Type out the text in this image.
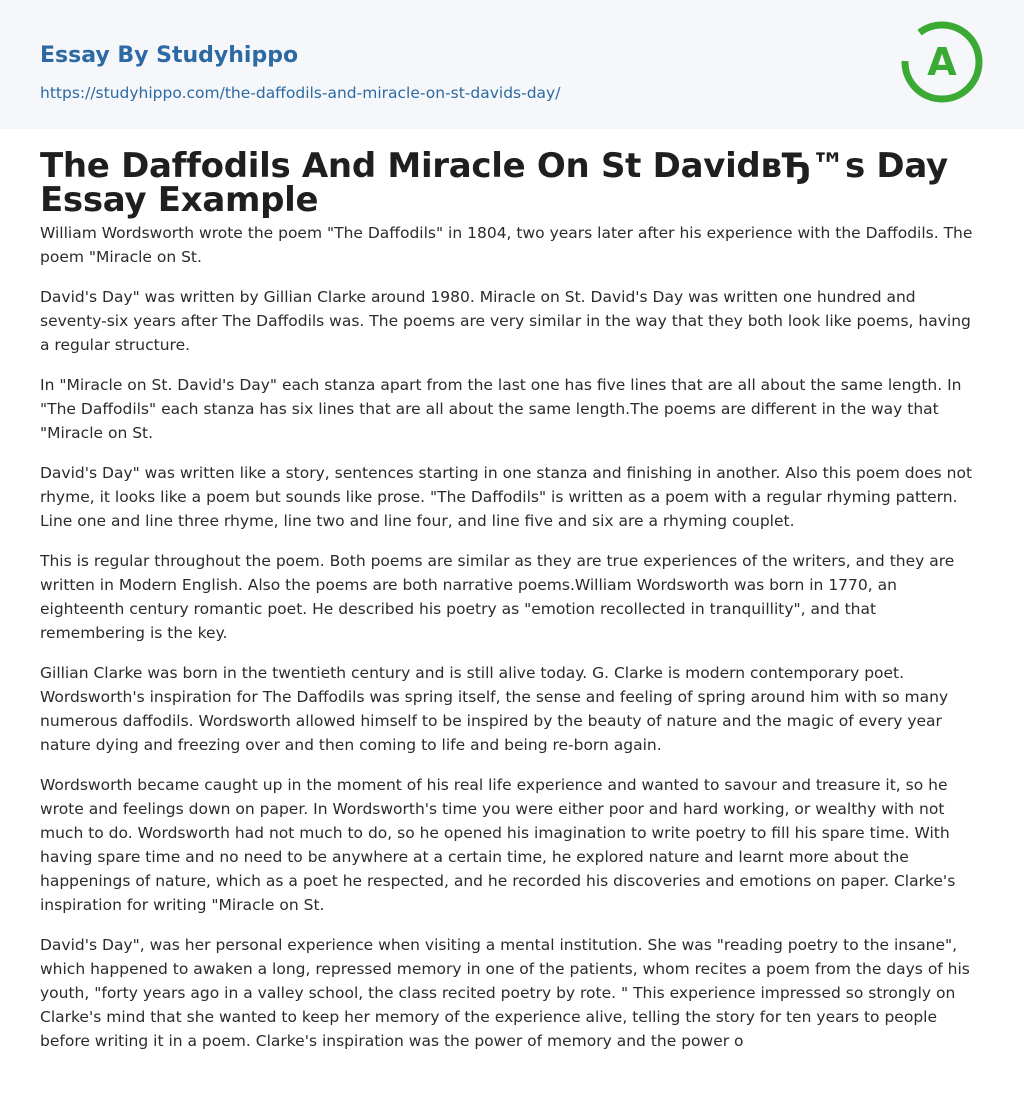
Essay By Studyhippo
https://studyhippo.com/the-daffodils-and-miracle-on-st-davids-day/
A
The Daffodils And Miracle On St DavidвЂ™s Day Essay Example

William Wordsworth wrote the poem "The Daffodils" in 1804, two years later after his experience with the Daffodils. The poem "Miracle on St.

David's Day" was written by Gillian Clarke around 1980. Miracle on St. David's Day was written one hundred and seventy-six years after The Daffodils was. The poems are very similar in the way that they both look like poems, having a regular structure.

In "Miracle on St. David's Day" each stanza apart from the last one has five lines that are all about the same length. In "The Daffodils" each stanza has six lines that are all about the same length.The poems are different in the way that "Miracle on St.

David's Day" was written like a story, sentences starting in one stanza and finishing in another. Also this poem does not rhyme, it looks like a poem but sounds like prose. "The Daffodils" is written as a poem with a regular rhyming pattern. Line one and line three rhyme, line two and line four, and line five and six are a rhyming couplet.

This is regular throughout the poem. Both poems are similar as they are true experiences of the writers, and they are written in Modern English. Also the poems are both narrative poems.William Wordsworth was born in 1770, an eighteenth century romantic poet. He described his poetry as "emotion recollected in tranquillity", and that remembering is the key.

Gillian Clarke was born in the twentieth century and is still alive today. G. Clarke is modern contemporary poet. Wordsworth's inspiration for The Daffodils was spring itself, the sense and feeling of spring around him with so many numerous daffodils. Wordsworth allowed himself to be inspired by the beauty of nature and the magic of every year nature dying and freezing over and then coming to life and being re-born again.

Wordsworth became caught up in the moment of his real life experience and wanted to savour and treasure it, so he wrote and feelings down on paper. In Wordsworth's time you were either poor and hard working, or wealthy with not much to do. Wordsworth had not much to do, so he opened his imagination to write poetry to fill his spare time. With having spare time and no need to be anywhere at a certain time, he explored nature and learnt more about the happenings of nature, which as a poet he respected, and he recorded his discoveries and emotions on paper. Clarke's inspiration for writing "Miracle on St.

David's Day", was her personal experience when visiting a mental institution. She was "reading poetry to the insane", which happened to awaken a long, repressed memory in one of the patients, whom recites a poem from the days of his youth, "forty years ago in a valley school, the class recited poetry by rote. " This experience impressed so strongly on Clarke's mind that she wanted to keep her memory of the experience alive, telling the story for ten years to people before writing it in a poem. Clarke's inspiration was the power of memory and the power o
